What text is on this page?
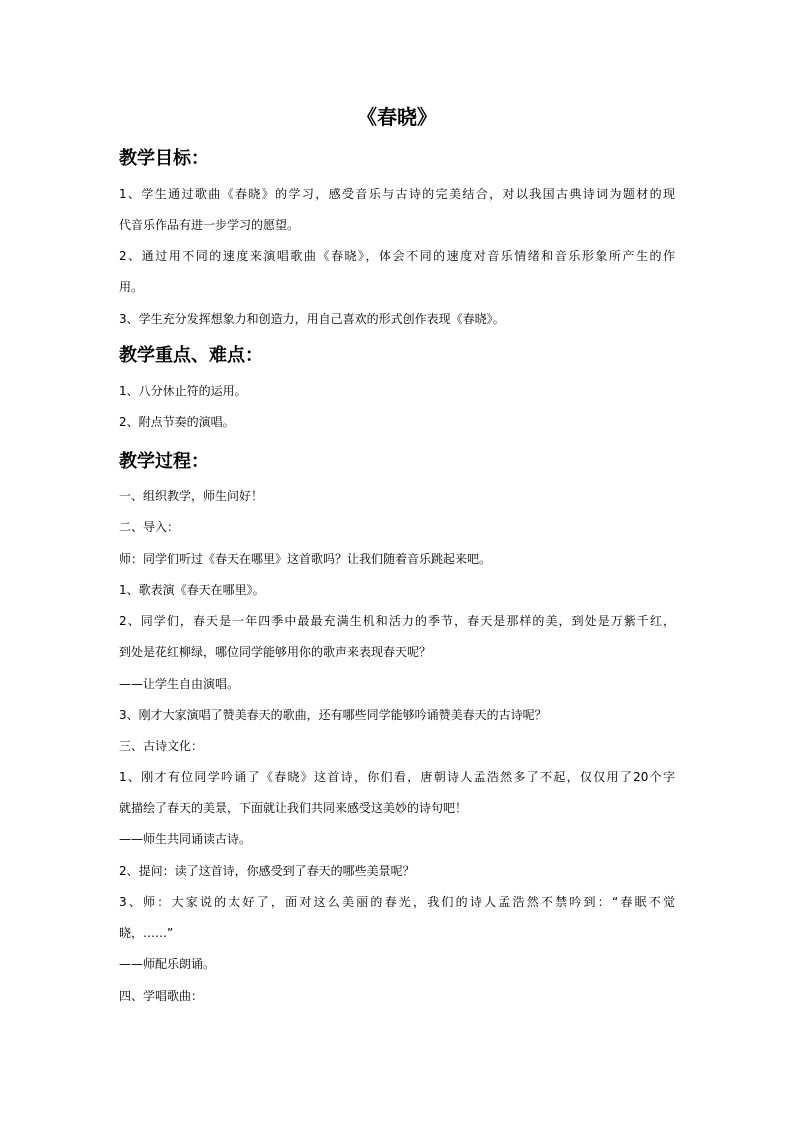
《春晓》
教学目标：
1、学生通过歌曲《春晓》的学习，感受音乐与古诗的完美结合，对以我国古典诗词为题材的现
代音乐作品有进一步学习的愿望。
2、通过用不同的速度来演唱歌曲《春晓》，体会不同的速度对音乐情绪和音乐形象所产生的作
用。
3、学生充分发挥想象力和创造力，用自己喜欢的形式创作表现《春晓》。
教学重点、难点：
1、八分休止符的运用。
2、附点节奏的演唱。
教学过程：
一、组织教学，师生问好！
二、导入：
师：同学们听过《春天在哪里》这首歌吗？让我们随着音乐跳起来吧。
1、歌表演《春天在哪里》。
2、同学们，春天是一年四季中最最充满生机和活力的季节，春天是那样的美，到处是万紫千红，
到处是花红柳绿，哪位同学能够用你的歌声来表现春天呢？
——让学生自由演唱。
3、刚才大家演唱了赞美春天的歌曲，还有哪些同学能够吟诵赞美春天的古诗呢？
三、古诗文化：
1、刚才有位同学吟诵了《春晓》这首诗，你们看，唐朝诗人孟浩然多了不起，仅仅用了20个字
就描绘了春天的美景，下面就让我们共同来感受这美妙的诗句吧！
——师生共同诵读古诗。
2、提问：读了这首诗，你感受到了春天的哪些美景呢？
3、师：大家说的太好了，面对这么美丽的春光，我们的诗人孟浩然不禁吟到：“春眠不觉
晓，……”
——师配乐朗诵。
四、学唱歌曲：
